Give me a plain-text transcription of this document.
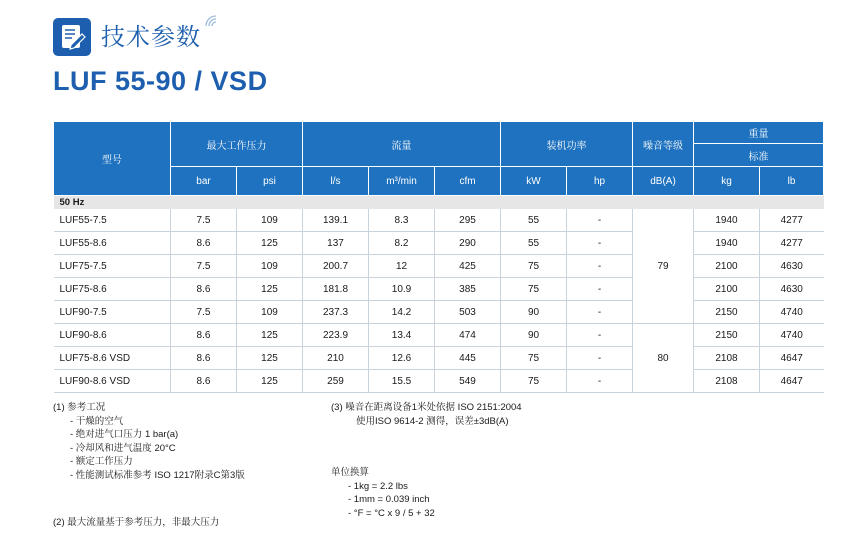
技术参数
LUF 55-90 / VSD
型号	最大工作压力		流量			装机功率		噪音等级	重量	
									标准	
	bar	psi	l/s	m³/min	cfm	kW	hp	dB(A)	kg	lb
50 Hz										
LUF55-7.5	7.5	109	139.1	8.3	295	55	-	79	1940	4277
LUF55-8.6	8.6	125	137	8.2	290	55	-		1940	4277
LUF75-7.5	7.5	109	200.7	12	425	75	-		2100	4630
LUF75-8.6	8.6	125	181.8	10.9	385	75	-		2100	4630
LUF90-7.5	7.5	109	237.3	14.2	503	90	-		2150	4740
LUF90-8.6	8.6	125	223.9	13.4	474	90	-	80	2150	4740
LUF75-8.6 VSD	8.6	125	210	12.6	445	75	-		2108	4647
LUF90-8.6 VSD	8.6	125	259	15.5	549	75	-		2108	4647
(1) 参考工况
- 干燥的空气
- 绝对进气口压力 1 bar(a)
- 冷却风和进气温度 20°C
- 额定工作压力
- 性能测试标准参考 ISO 1217附录C第3版
(2) 最大流量基于参考压力，非最大压力
(3) 噪音在距离设备1米处依据 ISO 2151:2004
使用ISO 9614-2 测得，误差±3dB(A)
单位换算
- 1kg = 2.2 lbs
- 1mm = 0.039 inch
- °F = °C x 9 / 5 + 32
